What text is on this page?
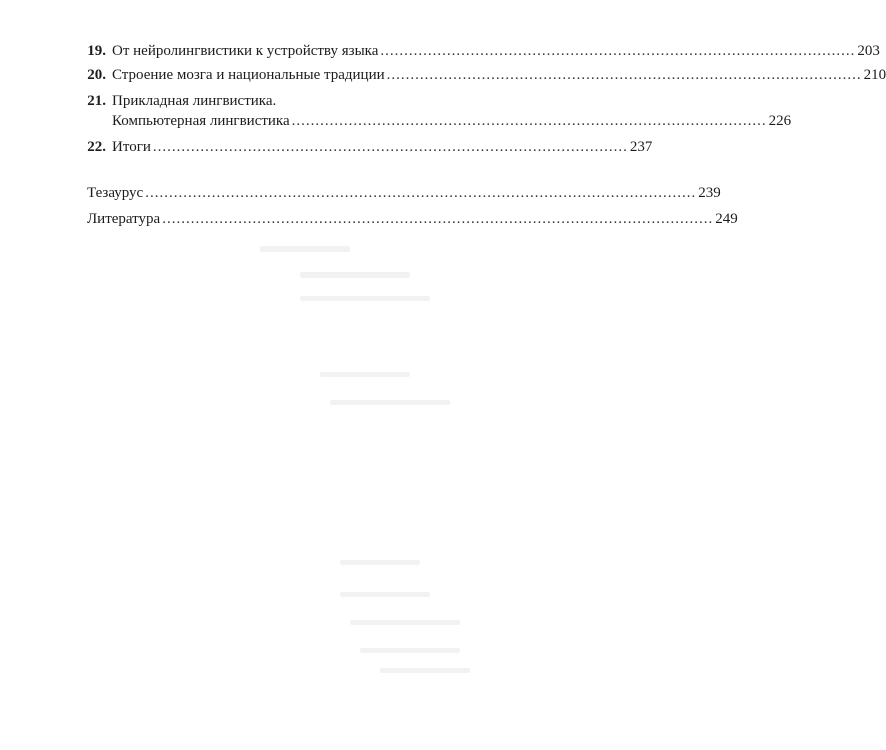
19. От нейролингвистики к устройству языка .................................................................................................... 203
20. Строение мозга и национальные традиции .................................................................................................... 210
21. Прикладная лингвистика.
Компьютерная лингвистика .................................................................................................... 226
22. Итоги .................................................................................................... 237
Тезаурус .................................................................................................................... 239
Литература .................................................................................................................... 249
